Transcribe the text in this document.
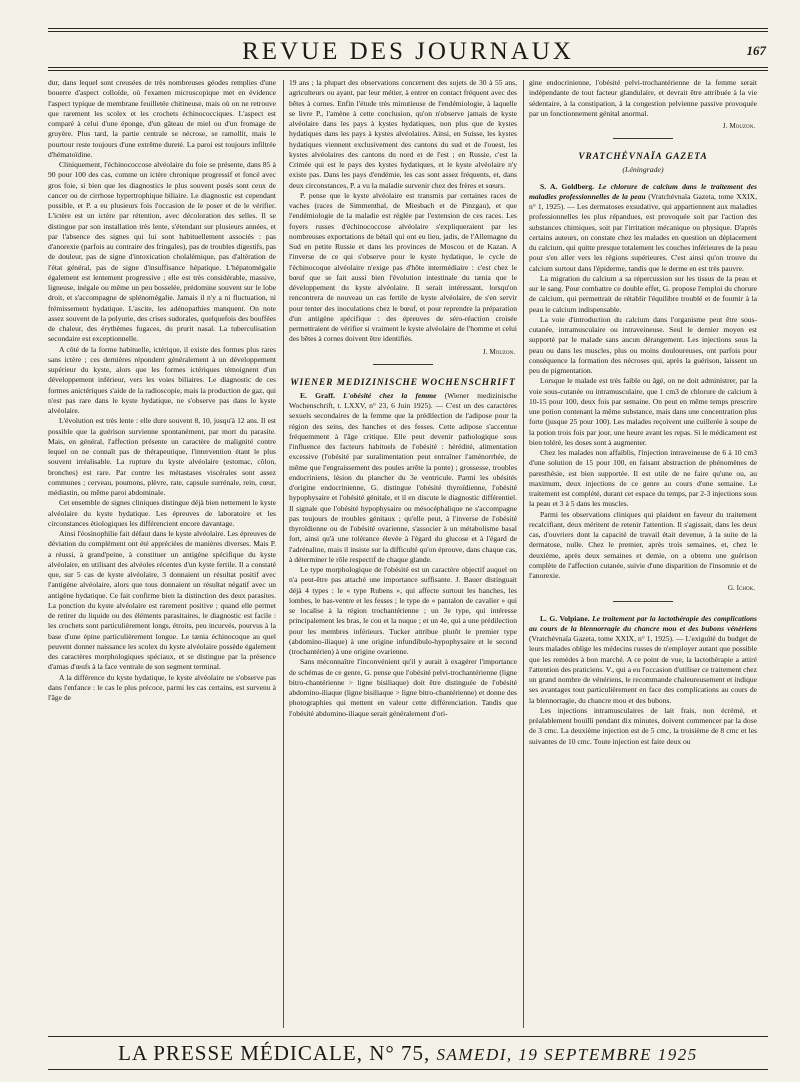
REVUE DES JOURNAUX	167

dur, dans lequel sont creusées de très nombreuses géodes remplies d'une bouerre d'aspect colloïde, où l'examen microscopique met en évidence l'aspect typique de membrane feuilletée chitineuse, mais où on ne retrouve que rarement les scolex et les crochets échinococciques. L'aspect est comparé à celui d'une éponge, d'un gâteau de miel ou d'un fromage de gruyère. Plus tard, la partie centrale se nécrose, se ramollit, mais le pourtour reste toujours d'une extrême dureté. La paroi est toujours infiltrée d'hématoïdine.

Cliniquement, l'échinococcose alvéolaire du foie se présente, dans 85 à 90 pour 100 des cas, comme un ictère chronique progressif et foncé avec gros foie, si bien que les diagnostics le plus souvent posés sont ceux de cancer ou de cirrhose hypertrophique biliaire. Le diagnostic est cependant possible, et P. a eu plusieurs fois l'occasion de le poser et de le vérifier. L'ictère est un ictère par rétention, avec décoloration des selles. Il se distingue par son installation très lente, s'étendant sur plusieurs années, et par l'absence des signes qui lui sont habituellement associés : pas d'anorexie (parfois au contraire des fringales), pas de troubles digestifs, pas de douleur, pas de signe d'intoxication cholalémique, pas d'altération de l'état général, pas de signe d'insuffisance hépatique. L'hépatomégalie également est lentement progressive ; elle est très considérable, massive, ligneuse, inégale ou même un peu bosselée, prédomine souvent sur le lobe droit, et s'accompagne de splénomégalie. Jamais il n'y a ni fluctuation, ni frémissement hydatique. L'ascite, les adénopathies manquent. On note assez souvent de la polyurie, des crises sudorales, quelquefois des bouffées de chaleur, des érythèmes fugaces, du prurit nasal. La tuberculisation secondaire est exceptionnelle.

A côté de la forme habituelle, ictérique, il existe des formes plus rares sans ictère ; ces dernières répondent généralement à un développement supérieur du kyste, alors que les formes ictériques témoignent d'un développement inférieur, vers les voies biliaires. Le diagnostic de ces formes anictériques s'aide de la radioscopie, mais la production de gaz, qui n'est pas rare dans le kyste hydatique, ne s'observe pas dans le kyste alvéolaire.

L'évolution est très lente : elle dure souvent 8, 10, jusqu'à 12 ans. Il est possible que la guérison survienne spontanément, par mort du parasite. Mais, en général, l'affection présente un caractère de malignité contre lequel on ne connaît pas de thérapeutique, l'intervention étant le plus souvent irréalisable. La rupture du kyste alvéolaire (estomac, côlon, bronches) est rare. Par contre les métastases viscérales sont assez communes ; cerveau, poumons, plèvre, rate, capsule surrénale, rein, cœur, médiastin, ou même paroi abdominale.

Cet ensemble de signes cliniques distingue déjà bien nettement le kyste alvéolaire du kyste hydatique. Les épreuves de laboratoire et les circonstances étiologiques les différencient encore davantage.

Ainsi l'éosinophilie fait défaut dans le kyste alvéolaire. Les épreuves de déviation du complément ont été appréciées de manières diverses. Mais P. a réussi, à grand'peine, à constituer un antigène spécifique du kyste alvéolaire, en utilisant des alvéoles récentes d'un kyste fertile. Il a constaté que, sur 5 cas de kyste alvéolaire, 3 donnaient un résultat positif avec l'antigène alvéolaire, alors que tous donnaient un résultat négatif avec un antigène hydatique. Ce fait confirme bien la distinction des deux parasites. La ponction du kyste alvéolaire est rarement positive ; quand elle permet de retirer du liquide ou des éléments parasitaires, le diagnostic est facile : les crochets sont particulièrement longs, étroits, peu incurvés, pourvus à la base d'une épine particulièrement longue. Le tænia échinocoque au quel peuvent donner naissance les scolex du kyste alvéolaire possède également des caractères morphologiques spéciaux, et se distingue par la présence d'amas d'œufs à la face ventrale de son segment terminal.

A la différence du kyste hydatique, le kyste alvéolaire ne s'observe pas dans l'enfance : le cas le plus précoce, parmi les cas certains, est survenu à l'âge de

19 ans ; la plupart des observations concernent des sujets de 30 à 55 ans, agriculteurs ou ayant, par leur métier, à entrer en contact fréquent avec des bêtes à cornes. Enfin l'étude très minutieuse de l'endémiologie, à laquelle se livre P., l'amène à cette conclusion, qu'on n'observe jamais de kyste alvéolaire dans les pays à kystes hydatiques, non plus que de kystes hydatiques dans les pays à kystes alvéolaires. Ainsi, en Suisse, les kystes hydatiques viennent exclusivement des cantons du sud et de l'ouest, les kystes alvéolaires des cantons du nord et de l'est ; en Russie, c'est la Crimée qui est le pays des kystes hydatiques, et le kyste alvéolaire n'y existe pas. Dans les pays d'endémie, les cas sont assez fréquents, et, dans deux circonstances, P. a vu la maladie survenir chez des frères et sœurs.

P. pense que le kyste alvéolaire est transmis par certaines races de vaches (races de Simmenthal, de Miesbach et de Pinzgau), et que l'endémiologie de la maladie est réglée par l'extension de ces races. Les foyers russes d'échinococcose alvéolaire s'expliqueraient par les nombreuses exportations de bétail qui ont eu lieu, jadis, de l'Allemagne du Sud en petite Russie et dans les provinces de Moscou et de Kazan. A l'inverse de ce qui s'observe pour le kyste hydatique, le cycle de l'échinocoque alvéolaire n'exige pas d'hôte intermédiaire : c'est chez le bœuf que se fait aussi bien l'évolution intestinale du tænia que le développement du kyste alvéolaire. Il serait intéressant, lorsqu'on rencontrera de nouveau un cas fertile de kyste alvéolaire, de s'en servir pour tenter des inoculations chez le bœuf, et pour reprendre la préparation d'un antigène spécifique : des épreuves de séro-réaction croisée permettraient de vérifier si vraiment le kyste alvéolaire de l'homme et celui des bêtes à cornes doivent être identifiés.

J. Mouzon.
WIENER MEDIZINISCHE WOCHENSCHRIFT

E. Graff. L'obésité chez la femme (Wiener medizinische Wochenschrift, t. LXXV, n° 23, 6 Juin 1925). — C'est un des caractères sexuels secondaires de la femme que la prédilection de l'adipose pour la région des seins, des hanches et des fesses. Cette adipose s'accentue fréquemment à l'âge critique. Elle peut devenir pathologique sous l'influence des facteurs habituels de l'obésité : hérédité, alimentation excessive (l'obésité par suralimentation peut entraîner l'aménorrhée, de même que l'engraissement des poules arrête la ponte) ; grossesse, troubles endocriniens, lésion du plancher du 3e ventricule. Parmi les obésités d'origine endocrinienne, G. distingue l'obésité thyroïdienne, l'obésité hypophysaire et l'obésité génitale, et il en discute le diagnostic différentiel. Il signale que l'obésité hypophysaire ou mésocéphalique ne s'accompagne pas toujours de troubles génitaux ; qu'elle peut, à l'inverse de l'obésité thyroïdienne ou de l'obésité ovarienne, s'associer à un métabolisme basal fort, ainsi qu'à une tolérance élevée à l'égard du glucose et à l'égard de l'adrénaline, mais il insiste sur la difficulté qu'on éprouve, dans chaque cas, à déterminer le rôle respectif de chaque glande.

Le type morphologique de l'obésité est un caractère objectif auquel on n'a peut-être pas attaché une importance suffisante. J. Bauer distinguait déjà 4 types : le « type Rubens », qui affecte surtout les hanches, les lombes, le bas-ventre et les fesses ; le type de « pantalon de cavalier » qui se localise à la région trochantérienne ; un 3e type, qui intéresse principalement les bras, le cou et la nuque ; et un 4e, qui a une prédilection pour les membres inférieurs. Tucker attribue plutôt le premier type (abdomino-iliaque) à une origine infundibulo-hypophysaire et le second (trochantérien) à une origine ovarienne.

Sans méconnaître l'inconvénient qu'il y aurait à exagérer l'importance de schémas de ce genre, G. pense que l'obésité pelvi-trochantérienne (ligne bitro-chantérienne > ligne bisiliaque) doit être distinguée de l'obésité abdomino-iliaque (ligne bisiliaque > ligne bitro-chantérienne) et donne des photographies qui mettent en valeur cette différenciation. Tandis que l'obésité abdomino-iliaque serait généralement d'ori-

gine endocrinienne, l'obésité pelvi-trochantérienne de la femme serait indépendante de tout facteur glandulaire, et devrait être attribuée à la vie sédentaire, à la constipation, à la congestion pelvienne passive provoquée par un fonctionnement génital anormal.

J. Mouzon.
VRATCHÉVNAÏA GAZETA
(Léningrade)

S. A. Goldberg. Le chlorure de calcium dans le traitement des maladies professionnelles de la peau (Vratchévnaïa Gazeta, tome XXIX, n° 1, 1925). — Les dermatoses exsudative, qui appartiennent aux maladies professionnelles les plus répandues, est provoquée soit par l'action des substances chimiques, soit par l'irritation mécanique ou physique. D'après certains auteurs, on constate chez les malades en question un déplacement du calcium, qui quitte presque totalement les couches inférieures de la peau pour s'en aller vers les régions supérieures. C'est ainsi qu'on trouve du calcium surtout dans l'épiderme, tandis que le derme en est très pauvre.

La migration du calcium a sa répercussion sur les tissus de la peau et sur le sang. Pour combattre ce double effet, G. propose l'emploi du chorure de calcium, qui permettrait de rétablir l'équilibre troublé et de fournir à la peau le calcium indispensable.

La voie d'introduction du calcium dans l'organisme peut être sous-cutanée, intramusculaire ou intraveineuse. Seul le dernier moyen est supporté par le malade sans aucun dérangement. Les injections sous la peau ou dans les muscles, plus ou moins douloureuses, ont parfois pour conséquence la formation des nécroses qui, après la guérison, laissent un peu de pigmentation.

Lorsque le malade est très faible ou âgé, on ne doit administrer, par la voie sous-cutanée ou intramusculaire, que 1 cm3 de chlorure de calcium à 10-15 pour 100, deux fois par semaine. On peut en même temps prescrire une potion contenant la même substance, mais dans une concentration plus forte (jusque 25 pour 100). Les malades reçoivent une cuillerée à soupe de la potion trois fois par jour, une heure avant les repas. Si le médicament est bien toléré, les doses sont à augmenter.

Chez les malades non affaiblis, l'injection intraveineuse de 6 à 10 cm3 d'une solution de 15 pour 100, en faisant abstraction de phénomènes de paresthésie, est bien supportée. Il est utile de ne faire qu'une ou, au maximum, deux injections de ce genre au cours d'une semaine. Le traitement est complété, durant cet espace du temps, par 2-3 injections sous la peau et 3 à 5 dans les muscles.

Parmi les observations cliniques qui plaident en faveur du traitement recalcifiant, deux méritent de retenir l'attention. Il s'agissait, dans les deux cas, d'ouvriers dont la capacité de travail était devenue, à la suite de la dermatose, nulle. Chez le premier, après trois semaines, et, chez le deuxième, après deux semaines et demie, on a obtenu une guérison complète de l'affection cutanée, suivie d'une disparition de l'insomnie et de l'anorexie.

G. Ichok.

L. G. Volpiane. Le traitement par la lactothérapie des complications au cours de la blennorragie du chancre mou et des bubons vénériens (Vratchévnaïa Gazeta, tome XXIX, n° 1, 1925). — L'exiguïté du budget de leurs malades oblige les médecins russes de n'employer autant que possible que les remèdes à bon marché. A ce point de vue, la lactothérapie a attiré l'attention des praticiens. V., qui a eu l'occasion d'utiliser ce traitement chez un grand nombre de vénériens, le recommande chaleureusement et indique ses avantages tout particulièrement en face des complications au cours de la blennorragie, du chancre mou et des bubons.

Les injections intramusculaires de lait frais, non écrémé, et préalablement bouilli pendant dix minutes, doivent commencer par la dose de 3 cmc. La deuxième injection est de 5 cmc, la troisième de 8 cmc et les suivantes de 10 cmc. Toute injection est faite deux ou

LA PRESSE MÉDICALE, N° 75, SAMEDI, 19 SEPTEMBRE 1925
